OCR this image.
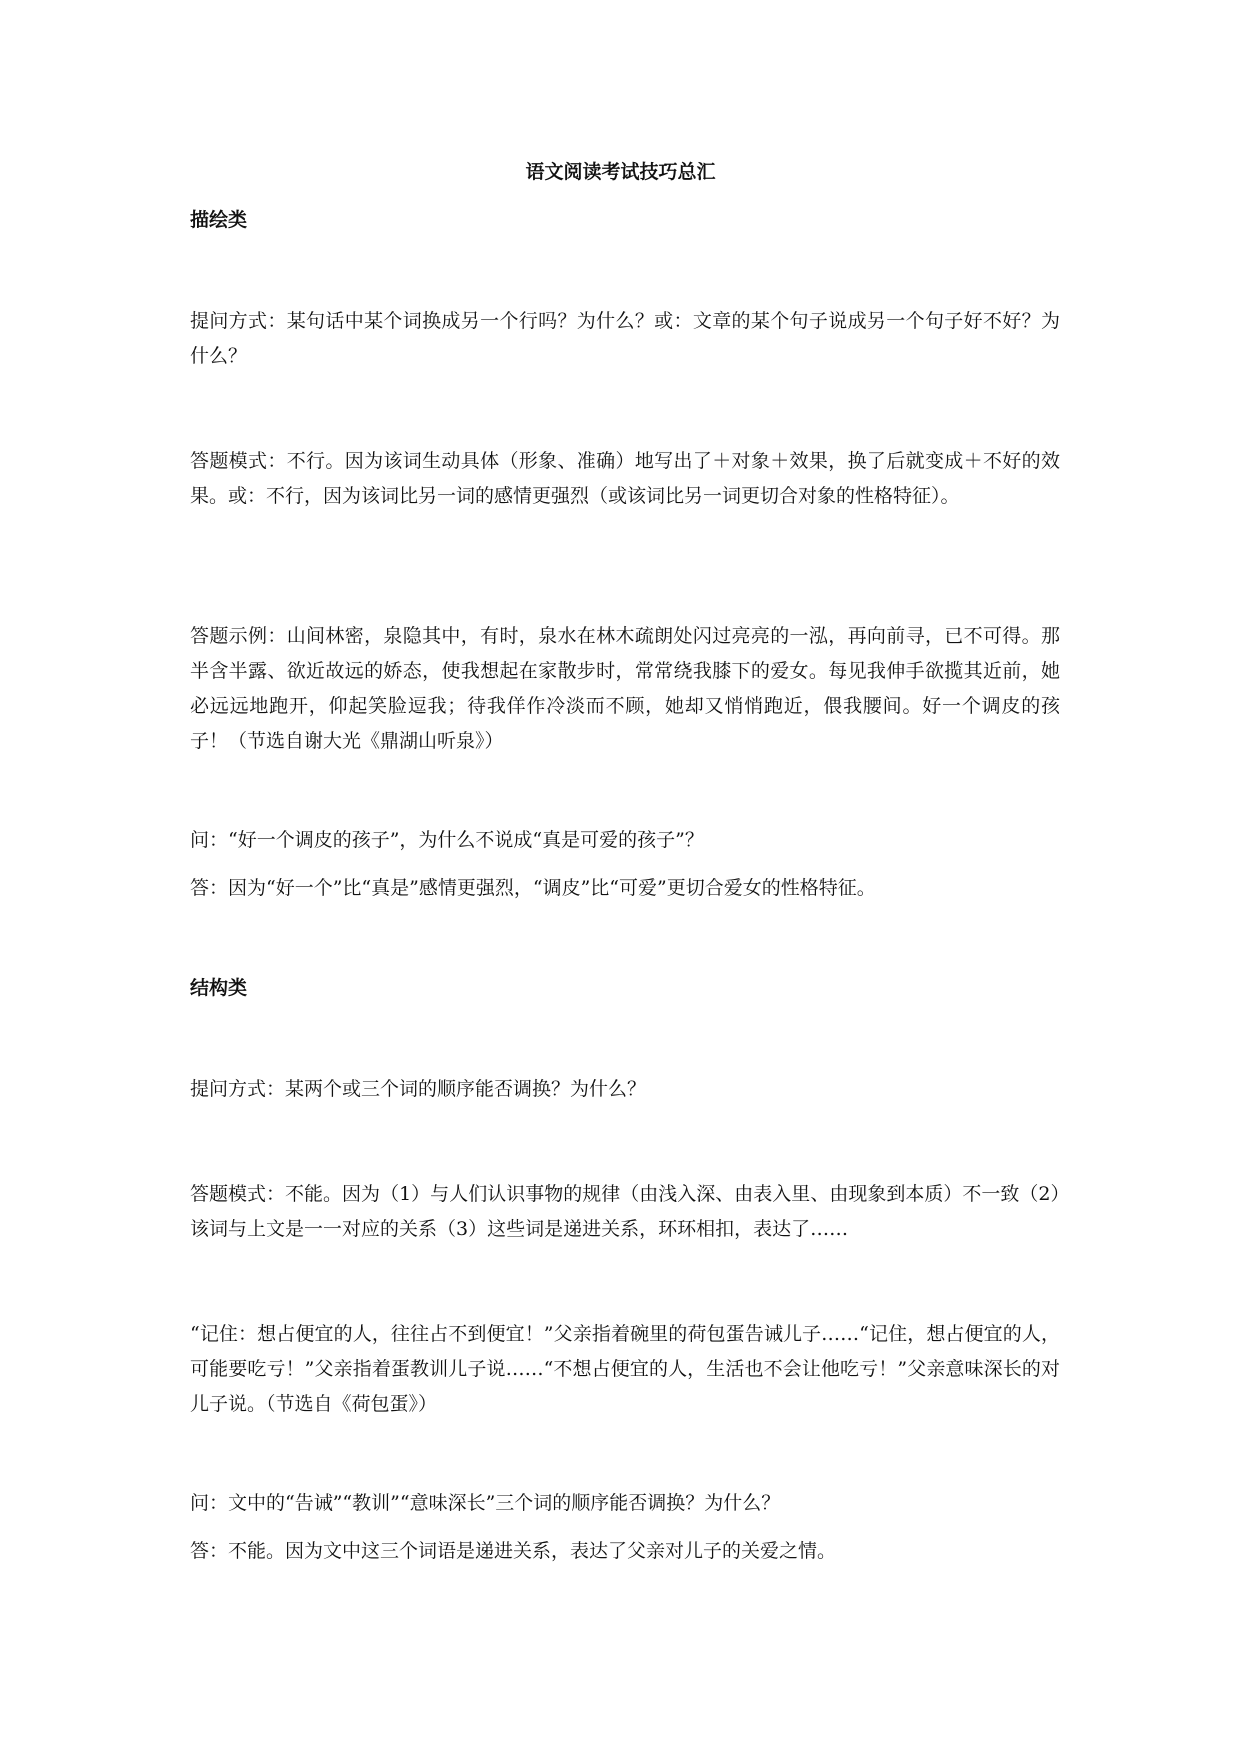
语文阅读考试技巧总汇
描绘类

提问方式：某句话中某个词换成另一个行吗？为什么？或：文章的某个句子说成另一个句子好不好？为什么？

答题模式：不行。因为该词生动具体（形象、准确）地写出了＋对象＋效果，换了后就变成＋不好的效果。或：不行，因为该词比另一词的感情更强烈（或该词比另一词更切合对象的性格特征）。

答题示例：山间林密，泉隐其中，有时，泉水在林木疏朗处闪过亮亮的一泓，再向前寻，已不可得。那半含半露、欲近故远的娇态，使我想起在家散步时，常常绕我膝下的爱女。每见我伸手欲揽其近前，她必远远地跑开，仰起笑脸逗我；待我佯作冷淡而不顾，她却又悄悄跑近，偎我腰间。好一个调皮的孩子！（节选自谢大光《鼎湖山听泉》）

问：“好一个调皮的孩子”，为什么不说成“真是可爱的孩子”？

答：因为“好一个”比“真是”感情更强烈，“调皮”比“可爱”更切合爱女的性格特征。

结构类

提问方式：某两个或三个词的顺序能否调换？为什么？

答题模式：不能。因为（1）与人们认识事物的规律（由浅入深、由表入里、由现象到本质）不一致（2）该词与上文是一一对应的关系（3）这些词是递进关系，环环相扣，表达了……

“记住：想占便宜的人，往往占不到便宜！”父亲指着碗里的荷包蛋告诫儿子……“记住，想占便宜的人，可能要吃亏！”父亲指着蛋教训儿子说……“不想占便宜的人，生活也不会让他吃亏！”父亲意味深长的对儿子说。（节选自《荷包蛋》）

问：文中的“告诫”“教训”“意味深长”三个词的顺序能否调换？为什么？

答：不能。因为文中这三个词语是递进关系，表达了父亲对儿子的关爱之情。
